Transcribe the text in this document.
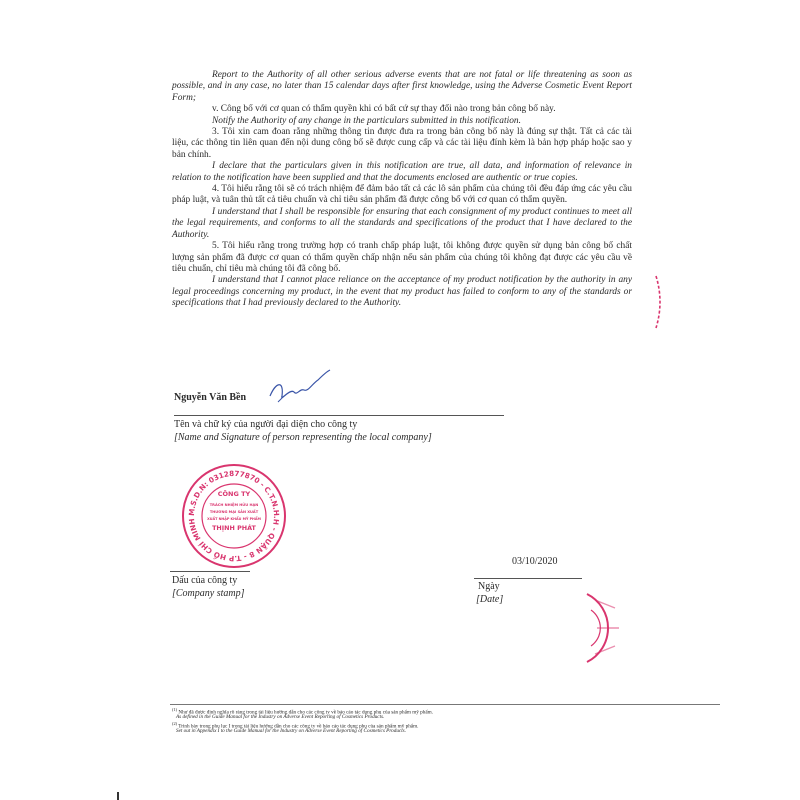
Report to the Authority of all other serious adverse events that are not fatal or life threatening as soon as possible, and in any case, no later than 15 calendar days after first knowledge, using the Adverse Cosmetic Event Report Form;

v. Công bố với cơ quan có thẩm quyền khi có bất cứ sự thay đổi nào trong bản công bố này.

Notify the Authority of any change in the particulars submitted in this notification.

3. Tôi xin cam đoan rằng những thông tin được đưa ra trong bản công bố này là đúng sự thật. Tất cả các tài liệu, các thông tin liên quan đến nội dung công bố sẽ được cung cấp và các tài liệu đính kèm là bản hợp pháp hoặc sao y bản chính.

I declare that the particulars given in this notification are true, all data, and information of relevance in relation to the notification have been supplied and that the documents enclosed are authentic or true copies.

4. Tôi hiểu rằng tôi sẽ có trách nhiệm để đảm bảo tất cả các lô sản phẩm của chúng tôi đều đáp ứng các yêu cầu pháp luật, và tuân thủ tất cả tiêu chuẩn và chỉ tiêu sản phẩm đã được công bố với cơ quan có thẩm quyền.

I understand that I shall be responsible for ensuring that each consignment of my product continues to meet all the legal requirements, and conforms to all the standards and specifications of the product that I have declared to the Authority.

5. Tôi hiểu rằng trong trường hợp có tranh chấp pháp luật, tôi không được quyền sử dụng bản công bố chất lượng sản phẩm đã được cơ quan có thẩm quyền chấp nhận nếu sản phẩm của chúng tôi không đạt được các yêu cầu về tiêu chuẩn, chỉ tiêu mà chúng tôi đã công bố.

I understand that I cannot place reliance on the acceptance of my product notification by the authority in any legal proceedings concerning my product, in the event that my product has failed to conform to any of the standards or specifications that I had previously declared to the Authority.

Nguyễn Văn Bền
Tên và chữ ký của người đại diện cho công ty
[Name and Signature of person representing the local company]
M.S.D.N: 0312877870 - C.T.N.H.H - QUẬN 8 - T.P HỒ CHÍ MINH
CÔNG TY
TRÁCH NHIỆM HỮU HẠN
THƯƠNG MẠI SẢN XUẤT
XUẤT NHẬP KHẨU MỸ PHẨM
THỊNH PHÁT
Dấu của công ty
[Company stamp]
03/10/2020
Ngày
[Date]
$^{(1)}$ Như đã được định nghĩa rõ ràng trong tài liệu hướng dẫn cho các công ty về báo cáo tác dụng phụ của sản phẩm mỹ phẩm.
As defined in the Guide Manual for the Industry on Adverse Event Reporting of Cosmetics Products.
$^{(2)}$ Trình bày trong phụ lục I trong tài liệu hướng dẫn cho các công ty về báo cáo tác dụng phụ của sản phẩm mỹ phẩm.
Set out in Appendix I to the Guide Manual for the Industry on Adverse Event Reporting of Cosmetics Products.
